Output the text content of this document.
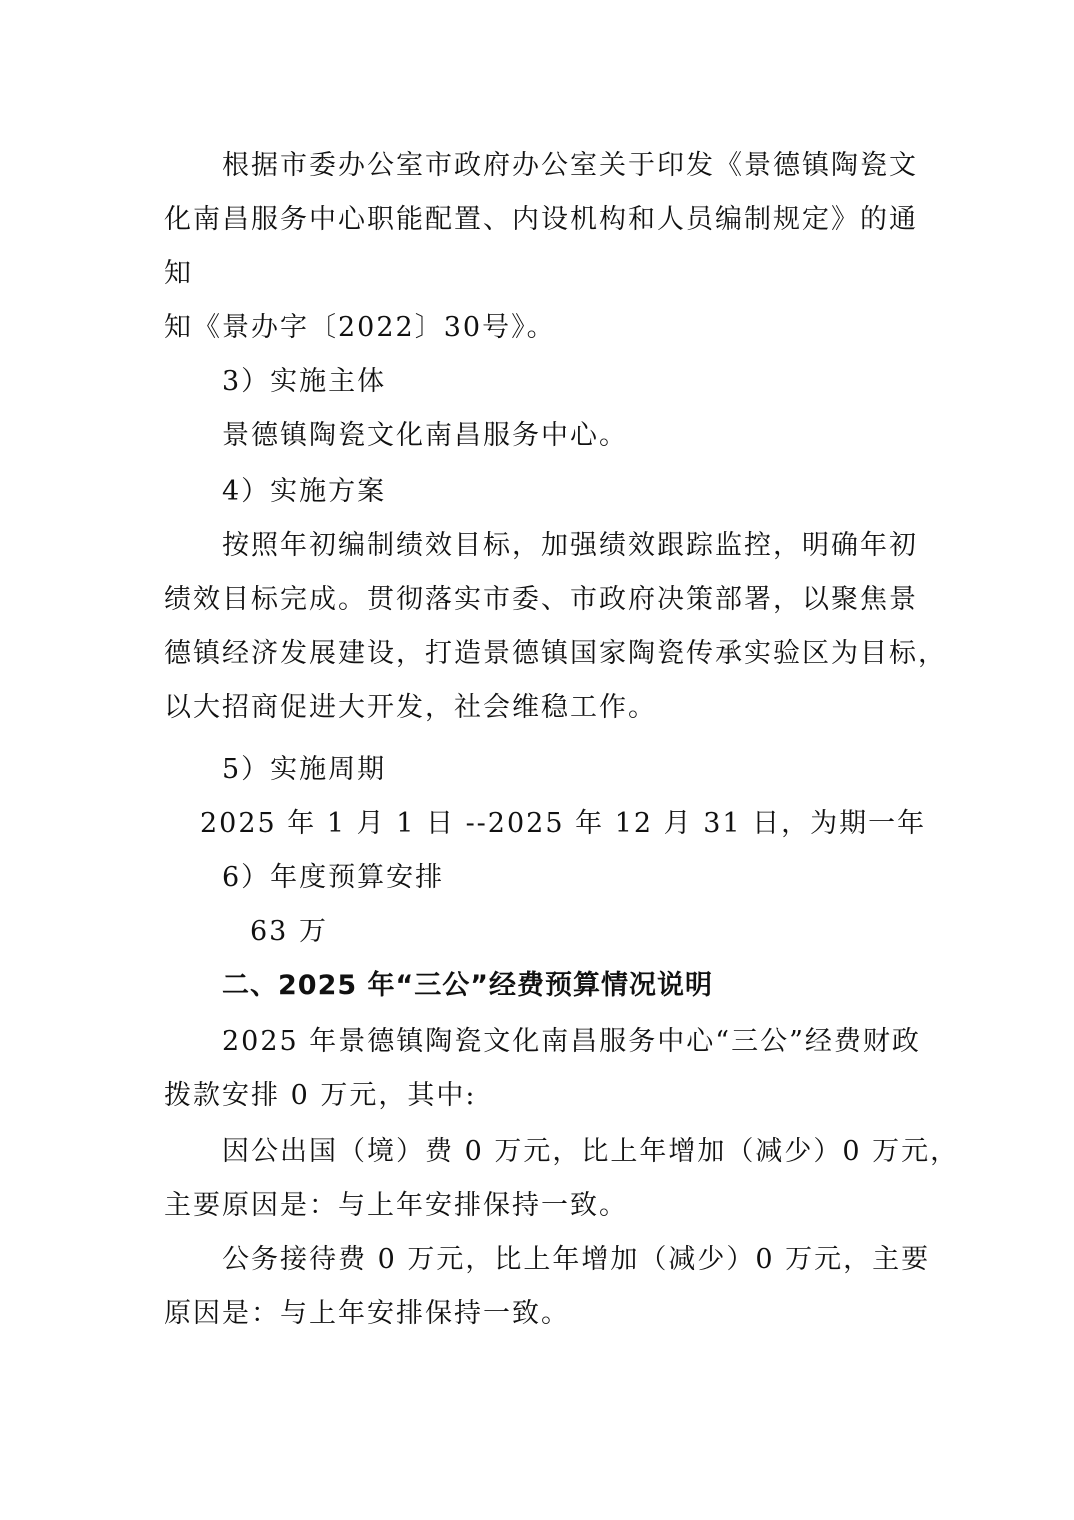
根据市委办公室市政府办公室关于印发《景德镇陶瓷文
化南昌服务中心职能配置、内设机构和人员编制规定》的通
知
知《景办字〔2022〕30号》。
3）实施主体
景德镇陶瓷文化南昌服务中心。
4）实施方案
按照年初编制绩效目标，加强绩效跟踪监控，明确年初
绩效目标完成。贯彻落实市委、市政府决策部署，以聚焦景
德镇经济发展建设，打造景德镇国家陶瓷传承实验区为目标，
以大招商促进大开发，社会维稳工作。
5）实施周期
2025 年 1 月 1 日 --2025 年 12 月 31 日，为期一年
6）年度预算安排
63 万
二、2025 年“三公”经费预算情况说明
2025 年景德镇陶瓷文化南昌服务中心“三公”经费财政
拨款安排 0 万元，其中:
因公出国（境）费 0 万元，比上年增加（减少）0 万元，
主要原因是：与上年安排保持一致。
公务接待费 0 万元，比上年增加（减少）0 万元，主要
原因是：与上年安排保持一致。
